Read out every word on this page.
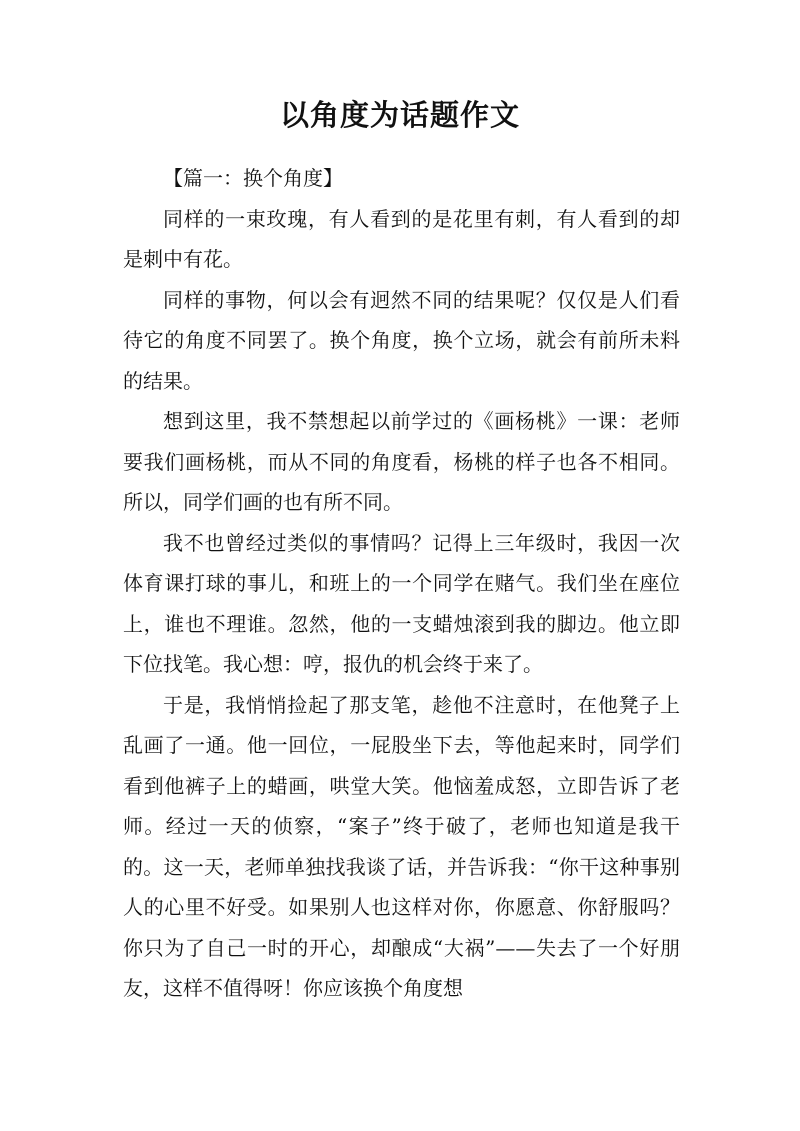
以角度为话题作文

【篇一：换个角度】

同样的一束玫瑰，有人看到的是花里有刺，有人看到的却是刺中有花。

同样的事物，何以会有迥然不同的结果呢？仅仅是人们看待它的角度不同罢了。换个角度，换个立场，就会有前所未料的结果。

想到这里，我不禁想起以前学过的《画杨桃》一课：老师要我们画杨桃，而从不同的角度看，杨桃的样子也各不相同。所以，同学们画的也有所不同。

我不也曾经过类似的事情吗？记得上三年级时，我因一次体育课打球的事儿，和班上的一个同学在赌气。我们坐在座位上，谁也不理谁。忽然，他的一支蜡烛滚到我的脚边。他立即下位找笔。我心想：哼，报仇的机会终于来了。

于是，我悄悄捡起了那支笔，趁他不注意时，在他凳子上乱画了一通。他一回位，一屁股坐下去，等他起来时，同学们看到他裤子上的蜡画，哄堂大笑。他恼羞成怒，立即告诉了老师。经过一天的侦察，“案子”终于破了，老师也知道是我干的。这一天，老师单独找我谈了话，并告诉我：“你干这种事别人的心里不好受。如果别人也这样对你，你愿意、你舒服吗？你只为了自己一时的开心，却酿成“大祸”——失去了一个好朋友，这样不值得呀！你应该换个角度想
